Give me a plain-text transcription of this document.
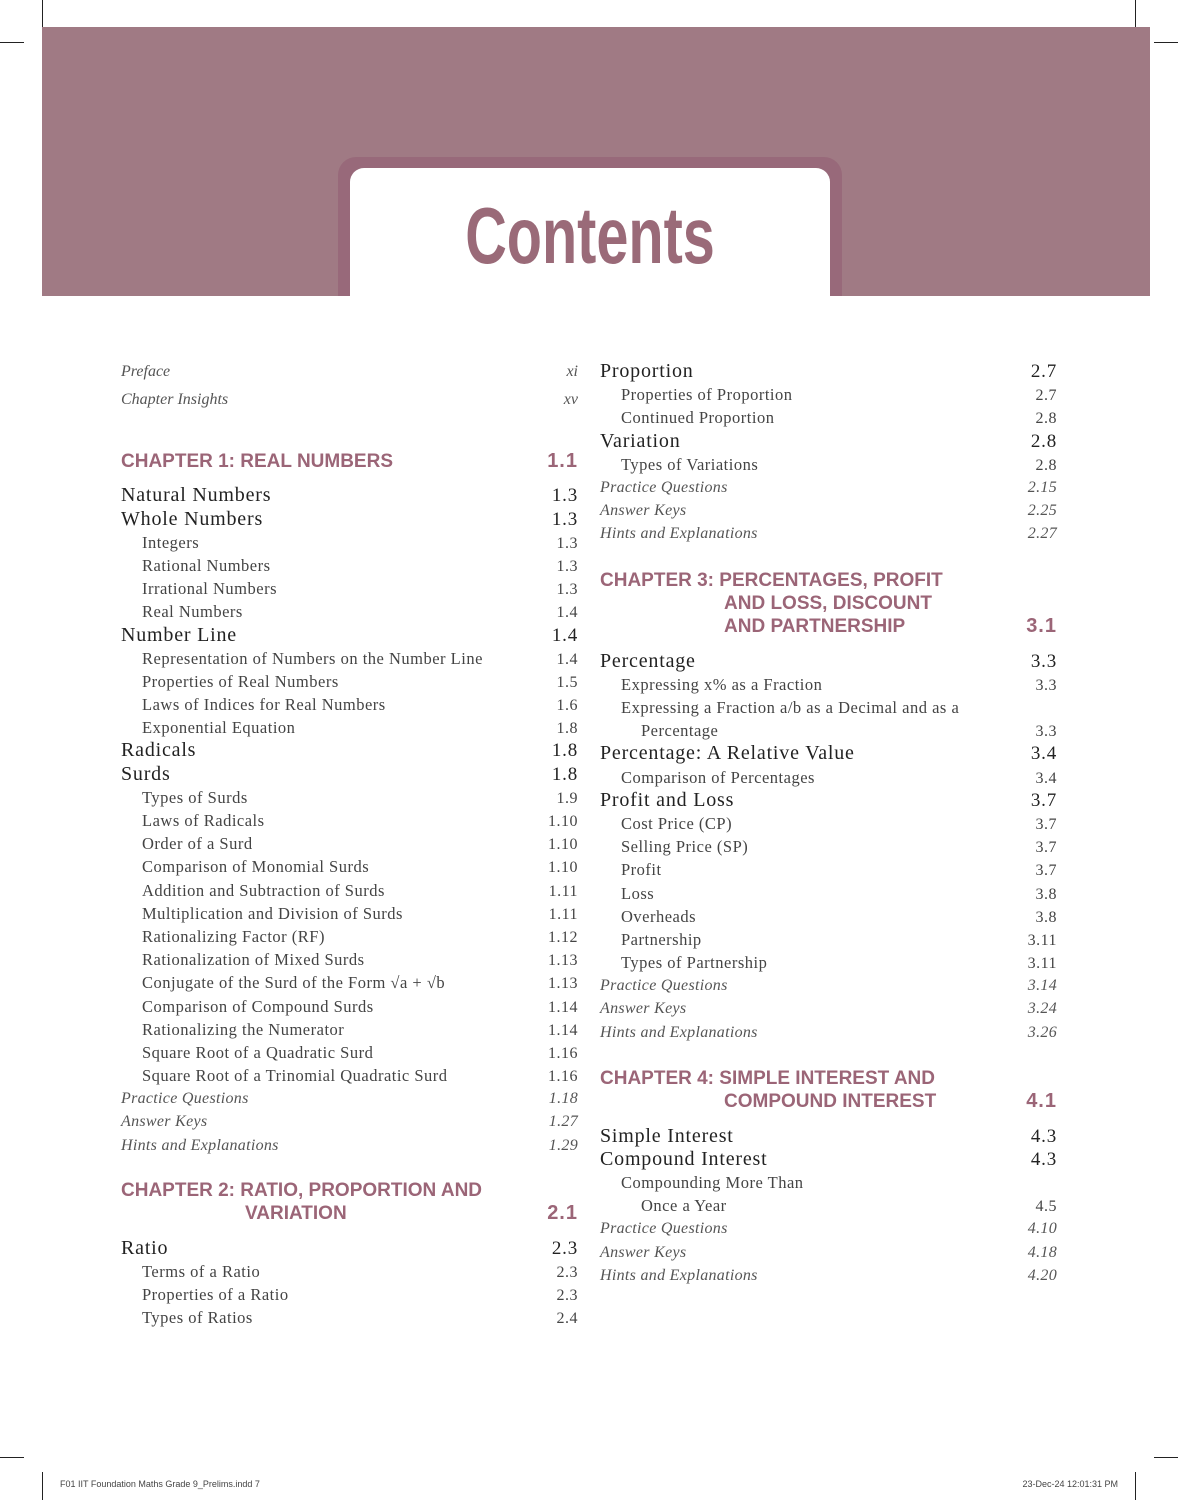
Contents
Preface	xi
Chapter Insights	xv
CHAPTER 1: REAL NUMBERS	1.1
Natural Numbers	1.3
Whole Numbers	1.3
Integers	1.3
Rational Numbers	1.3
Irrational Numbers	1.3
Real Numbers	1.4
Number Line	1.4
Representation of Numbers on the Number Line	1.4
Properties of Real Numbers	1.5
Laws of Indices for Real Numbers	1.6
Exponential Equation	1.8
Radicals	1.8
Surds	1.8
Types of Surds	1.9
Laws of Radicals	1.10
Order of a Surd	1.10
Comparison of Monomial Surds	1.10
Addition and Subtraction of Surds	1.11
Multiplication and Division of Surds	1.11
Rationalizing Factor (RF)	1.12
Rationalization of Mixed Surds	1.13
Conjugate of the Surd of the Form √a + √b	1.13
Comparison of Compound Surds	1.14
Rationalizing the Numerator	1.14
Square Root of a Quadratic Surd	1.16
Square Root of a Trinomial Quadratic Surd	1.16
Practice Questions	1.18
Answer Keys	1.27
Hints and Explanations	1.29
CHAPTER 2: RATIO, PROPORTION AND
VARIATION	2.1
Ratio	2.3
Terms of a Ratio	2.3
Properties of a Ratio	2.3
Types of Ratios	2.4
Proportion	2.7
Properties of Proportion	2.7
Continued Proportion	2.8
Variation	2.8
Types of Variations	2.8
Practice Questions	2.15
Answer Keys	2.25
Hints and Explanations	2.27
CHAPTER 3: PERCENTAGES, PROFIT
AND LOSS, DISCOUNT
AND PARTNERSHIP	3.1
Percentage	3.3
Expressing x% as a Fraction	3.3
Expressing a Fraction a/b as a Decimal and as a
Percentage	3.3
Percentage: A Relative Value	3.4
Comparison of Percentages	3.4
Profit and Loss	3.7
Cost Price (CP)	3.7
Selling Price (SP)	3.7
Profit	3.7
Loss	3.8
Overheads	3.8
Partnership	3.11
Types of Partnership	3.11
Practice Questions	3.14
Answer Keys	3.24
Hints and Explanations	3.26
CHAPTER 4: SIMPLE INTEREST AND
COMPOUND INTEREST	4.1
Simple Interest	4.3
Compound Interest	4.3
Compounding More Than
Once a Year	4.5
Practice Questions	4.10
Answer Keys	4.18
Hints and Explanations	4.20
F01 IIT Foundation Maths Grade 9_Prelims.indd 7	23-Dec-24 12:01:31 PM
